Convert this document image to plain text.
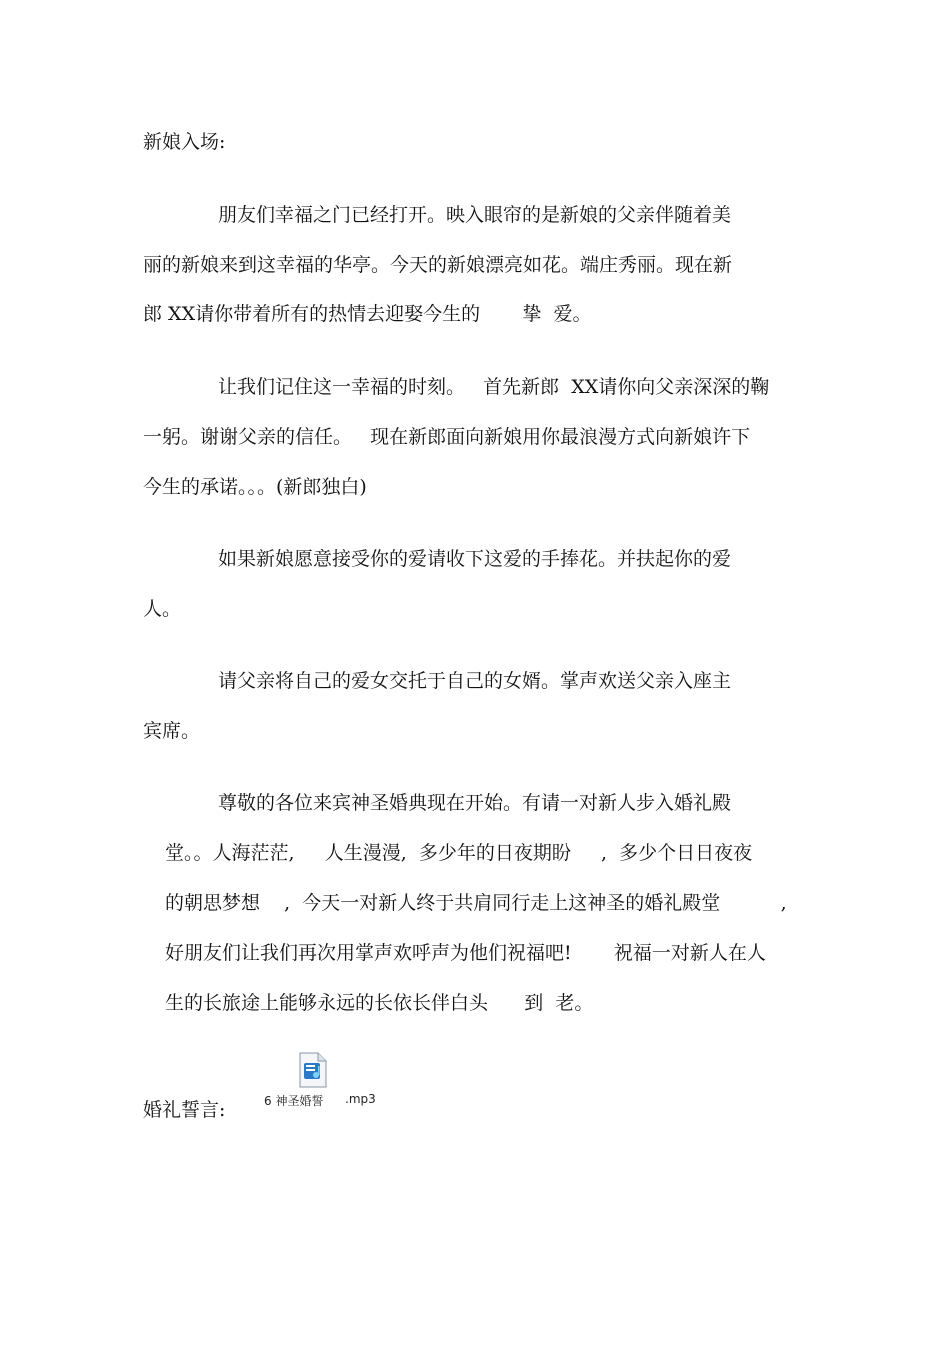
新娘入场:
朋友们幸福之门已经打开。映入眼帘的是新娘的父亲伴随着美
丽的新娘来到这幸福的华亭。今天的新娘漂亮如花。端庄秀丽。现在新
郎 XX请你带着所有的热情去迎娶今生的       挚  爱。
让我们记住这一幸福的时刻。   首先新郎  XX请你向父亲深深的鞠
一躬。谢谢父亲的信任。   现在新郎面向新娘用你最浪漫方式向新娘许下
今生的承诺。。。(新郎独白)
如果新娘愿意接受你的爱请收下这爱的手捧花。并扶起你的爱
人。
请父亲将自己的爱女交托于自己的女婿。掌声欢送父亲入座主
宾席。
尊敬的各位来宾神圣婚典现在开始。有请一对新人步入婚礼殿
堂。。人海茫茫,     人生漫漫,  多少年的日夜期盼     ,  多少个日日夜夜
的朝思梦想    ,  今天一对新人终于共肩同行走上这神圣的婚礼殿堂          ,
好朋友们让我们再次用掌声欢呼声为他们祝福吧!       祝福一对新人在人
生的长旅途上能够永远的长依长伴白头      到  老。
婚礼誓言:	6 神圣婚誓 .mp3
